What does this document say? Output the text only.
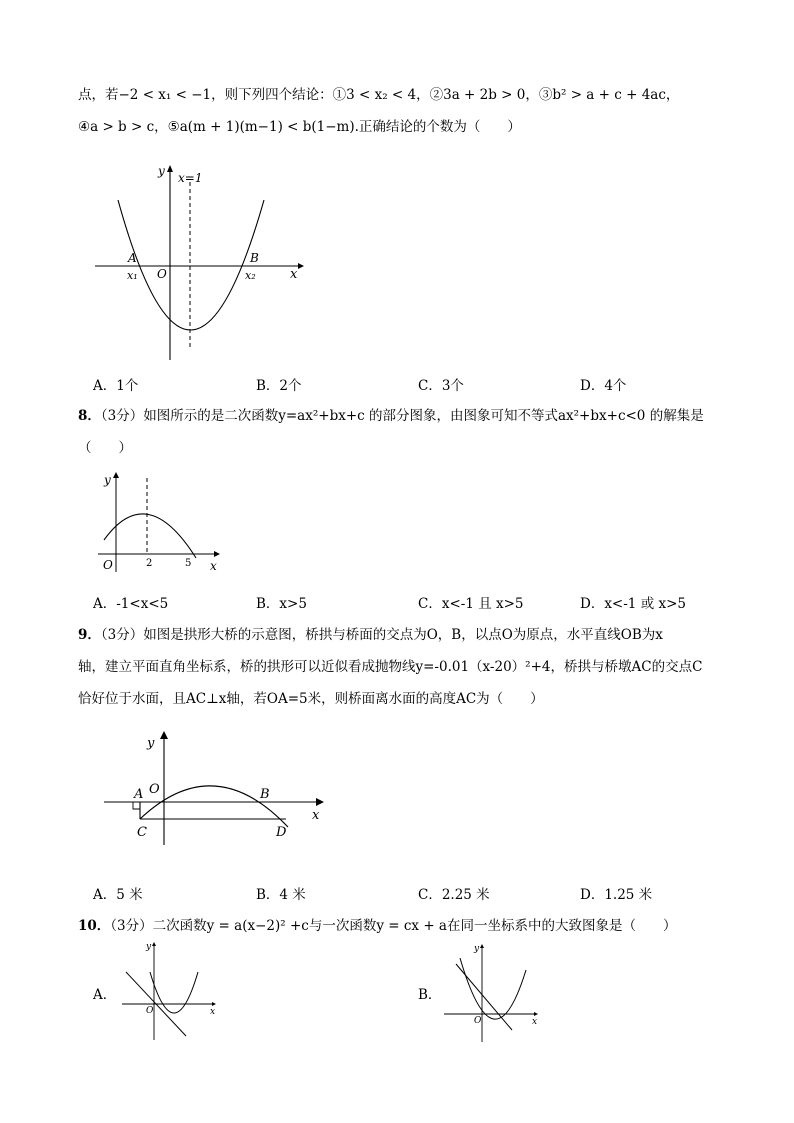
点，若−2 < x₁ < −1，则下列四个结论：①3 < x₂ < 4，②3a + 2b > 0，③b² > a + c + 4ac，
④a > b > c，⑤a(m + 1)(m−1) < b(1−m).正确结论的个数为（　　）
y
x
x=1
A	B
x₁	x₂
O
A．1个	B．2个	C．3个	D．4个
8．（3分）如图所示的是二次函数y=ax²+bx+c 的部分图象，由图象可知不等式ax²+bx+c<0 的解集是
（　　）
y
x
O	2	5
A．-1<x<5	B．x>5	C．x<-1 且 x>5	D．x<-1 或 x>5
9．（3分）如图是拱形大桥的示意图，桥拱与桥面的交点为O，B，以点O为原点，水平直线OB为x
轴，建立平面直角坐标系，桥的拱形可以近似看成抛物线y=-0.01（x-20）²+4，桥拱与桥墩AC的交点C
恰好位于水面，且AC⊥x轴，若OA=5米，则桥面离水面的高度AC为（　　）
y
x
A O	B
C	D
A．5 米	B．4 米	C．2.25 米	D．1.25 米
10．（3分）二次函数y = a(x−2)² +c与一次函数y = cx + a在同一坐标系中的大致图象是（　　）
A．
y
x
O
B．
y
x
O
